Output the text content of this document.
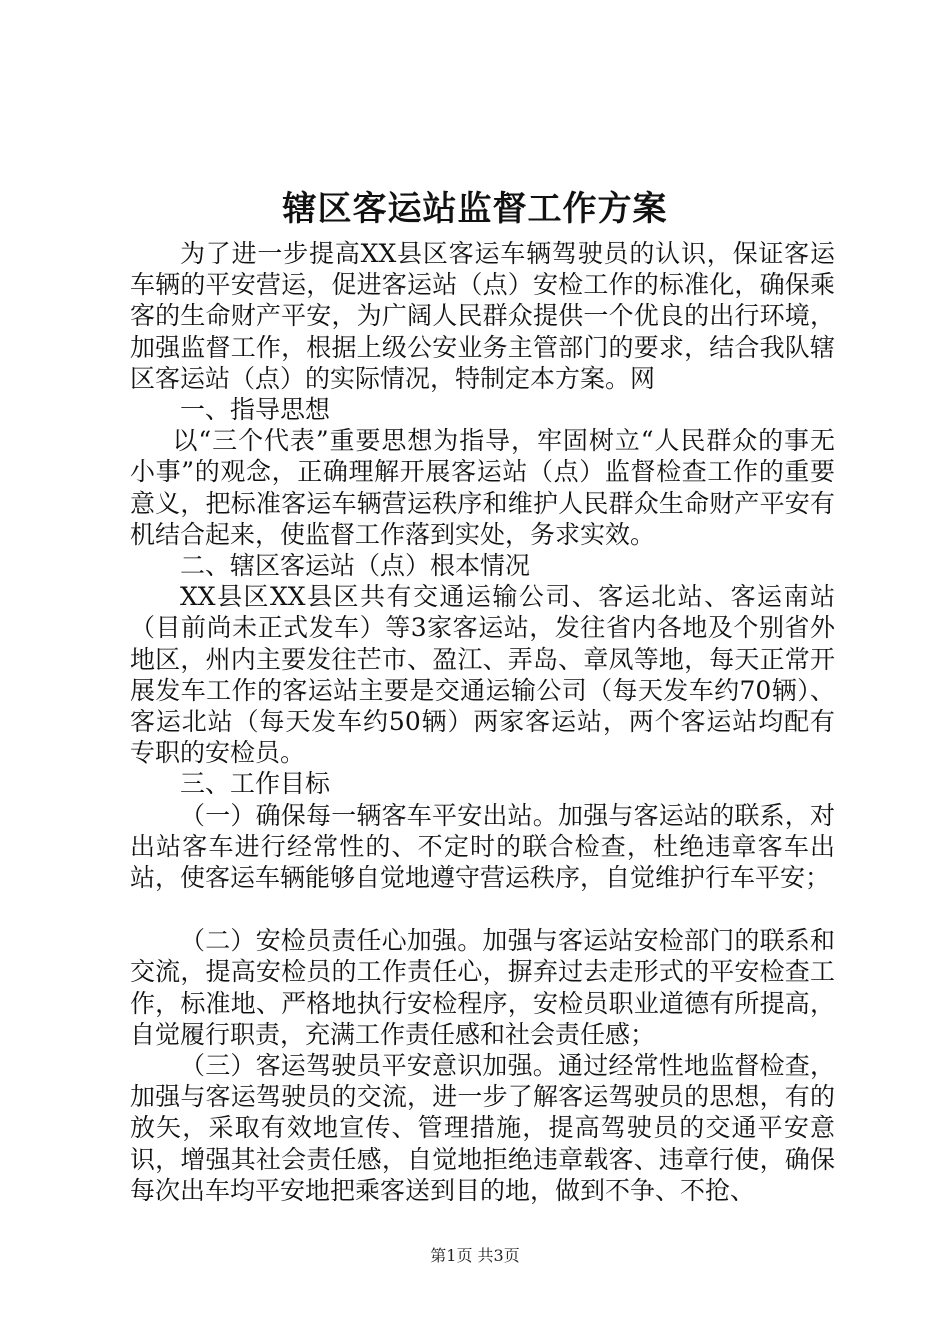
辖区客运站监督工作方案

为了进一步提高XX县区客运车辆驾驶员的认识，保证客运车辆的平安营运，促进客运站（点）安检工作的标准化，确保乘客的生命财产平安，为广阔人民群众提供一个优良的出行环境，加强监督工作，根据上级公安业务主管部门的要求，结合我队辖区客运站（点）的实际情况，特制定本方案。网

一、指导思想

以“三个代表”重要思想为指导，牢固树立“人民群众的事无小事”的观念，正确理解开展客运站（点）监督检查工作的重要意义，把标准客运车辆营运秩序和维护人民群众生命财产平安有机结合起来，使监督工作落到实处，务求实效。

二、辖区客运站（点）根本情况

XX县区XX县区共有交通运输公司、客运北站、客运南站（目前尚未正式发车）等3家客运站，发往省内各地及个别省外地区，州内主要发往芒市、盈江、弄岛、章凤等地，每天正常开展发车工作的客运站主要是交通运输公司（每天发车约70辆）、客运北站（每天发车约50辆）两家客运站，两个客运站均配有专职的安检员。

三、工作目标

（一）确保每一辆客车平安出站。加强与客运站的联系，对出站客车进行经常性的、不定时的联合检查，杜绝违章客车出站，使客运车辆能够自觉地遵守营运秩序，自觉维护行车平安；

（二）安检员责任心加强。加强与客运站安检部门的联系和交流，提高安检员的工作责任心，摒弃过去走形式的平安检查工作，标准地、严格地执行安检程序，安检员职业道德有所提高，自觉履行职责，充满工作责任感和社会责任感；

（三）客运驾驶员平安意识加强。通过经常性地监督检查，加强与客运驾驶员的交流，进一步了解客运驾驶员的思想，有的放矢，采取有效地宣传、管理措施，提高驾驶员的交通平安意识，增强其社会责任感，自觉地拒绝违章载客、违章行使，确保每次出车均平安地把乘客送到目的地，做到不争、不抢、

第1页 共3页
